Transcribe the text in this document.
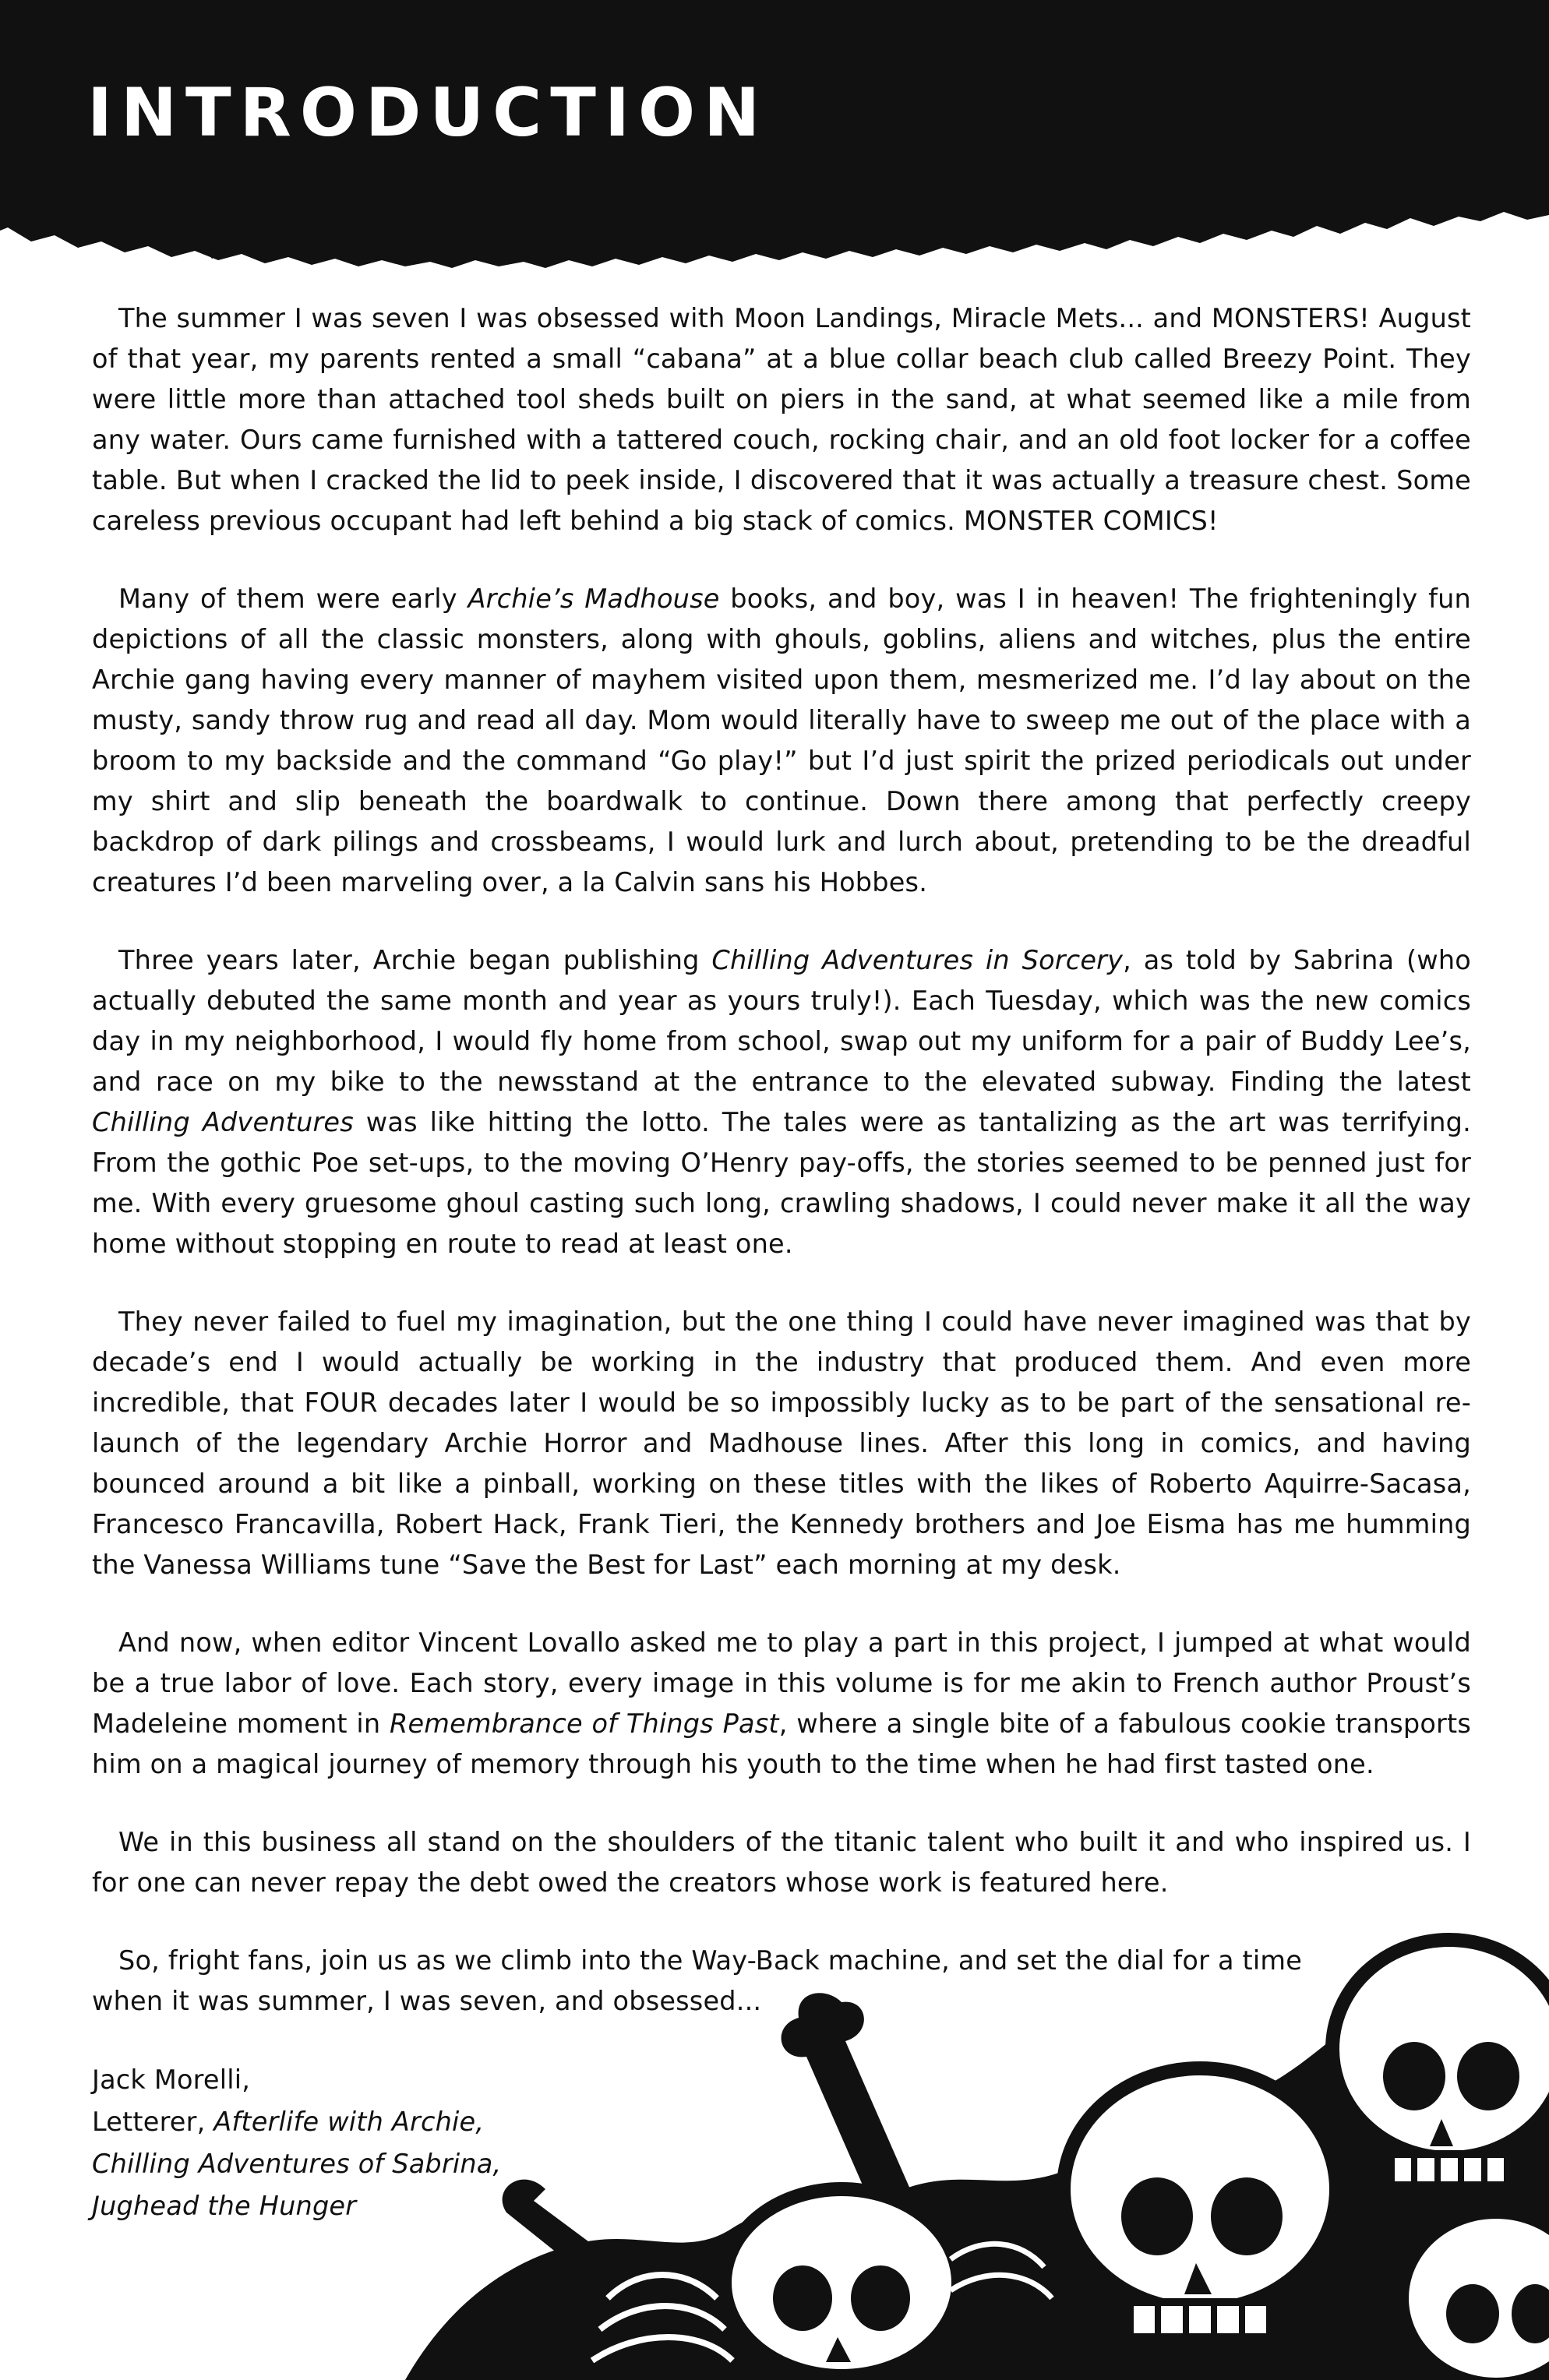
INTRODUCTION

The summer I was seven I was obsessed with Moon Landings, Miracle Mets... and MONSTERS! August of that year, my parents rented a small “cabana” at a blue collar beach club called Breezy Point. They were little more than attached tool sheds built on piers in the sand, at what seemed like a mile from any water. Ours came furnished with a tattered couch, rocking chair, and an old foot locker for a coffee table. But when I cracked the lid to peek inside, I discovered that it was actually a treasure chest. Some careless previous occupant had left behind a big stack of comics. MONSTER COMICS!

Many of them were early Archie’s Madhouse books, and boy, was I in heaven! The frighteningly fun depictions of all the classic monsters, along with ghouls, goblins, aliens and witches, plus the entire Archie gang having every manner of mayhem visited upon them, mesmerized me. I’d lay about on the musty, sandy throw rug and read all day. Mom would literally have to sweep me out of the place with a broom to my backside and the command “Go play!” but I’d just spirit the prized periodicals out under my shirt and slip beneath the boardwalk to continue. Down there among that perfectly creepy backdrop of dark pilings and crossbeams, I would lurk and lurch about, pretending to be the dreadful creatures I’d been marveling over, a la Calvin sans his Hobbes.

Three years later, Archie began publishing Chilling Adventures in Sorcery, as told by Sabrina (who actually debuted the same month and year as yours truly!). Each Tuesday, which was the new comics day in my neighborhood, I would fly home from school, swap out my uniform for a pair of Buddy Lee’s, and race on my bike to the newsstand at the entrance to the elevated subway. Finding the latest Chilling Adventures was like hitting the lotto. The tales were as tantalizing as the art was terrifying. From the gothic Poe set-ups, to the moving O’Henry pay-offs, the stories seemed to be penned just for me. With every gruesome ghoul casting such long, crawling shadows, I could never make it all the way home without stopping en route to read at least one.

They never failed to fuel my imagination, but the one thing I could have never imagined was that by decade’s end I would actually be working in the industry that produced them. And even more incredible, that FOUR decades later I would be so impossibly lucky as to be part of the sensational re-launch of the legendary Archie Horror and Madhouse lines. After this long in comics, and having bounced around a bit like a pinball, working on these titles with the likes of Roberto Aquirre-Sacasa, Francesco Francavilla, Robert Hack, Frank Tieri, the Kennedy brothers and Joe Eisma has me humming the Vanessa Williams tune “Save the Best for Last” each morning at my desk.

And now, when editor Vincent Lovallo asked me to play a part in this project, I jumped at what would be a true labor of love. Each story, every image in this volume is for me akin to French author Proust’s Madeleine moment in Remembrance of Things Past, where a single bite of a fabulous cookie transports him on a magical journey of memory through his youth to the time when he had first tasted one.

We in this business all stand on the shoulders of the titanic talent who built it and who inspired us. I for one can never repay the debt owed the creators whose work is featured here.

So, fright fans, join us as we climb into the Way-Back machine, and set the dial for a time when it was summer, I was seven, and obsessed...

Jack Morelli,
Letterer, Afterlife with Archie,
Chilling Adventures of Sabrina,
Jughead the Hunger
